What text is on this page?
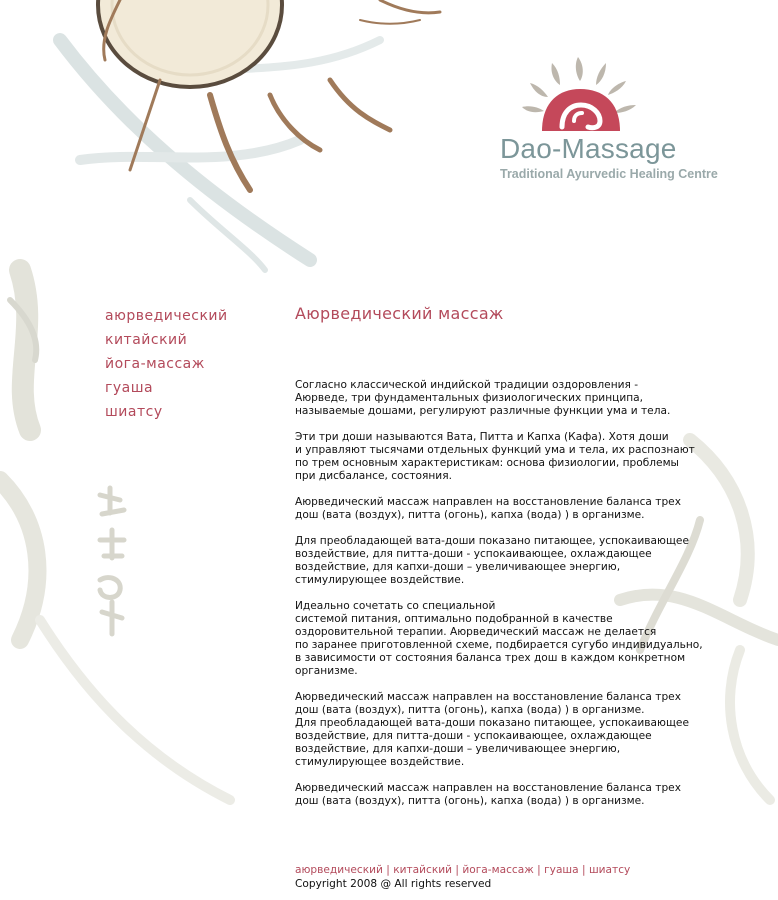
Dao-Massage
Traditional Ayurvedic Healing Centre
аюрведический
китайский
йога-массаж
гуаша
шиатсу
Аюрведический массаж

Согласно классической индийской традиции оздоровления -
Аюрведе, три фундаментальных физиологических принципа,
называемые дошами, регулируют различные функции ума и тела.

Эти три доши называются Вата, Питта и Капха (Кафа). Хотя доши
и управляют тысячами отдельных функций ума и тела, их распознают
по трем основным характеристикам: основа физиологии, проблемы
при дисбалансе, состояния.

Аюрведический массаж направлен на восстановление баланса трех
дош (вата (воздух), питта (огонь), капха (вода) ) в организме.

Для преобладающей вата-доши показано питающее, успокаивающее
воздействие, для питта-доши - успокаивающее, охлаждающее
воздействие, для капхи-доши – увеличивающее энергию,
стимулирующее воздействие.

Идеально сочетать со специальной
системой питания, оптимально подобранной в качестве
оздоровительной терапии. Аюрведический массаж не делается
по заранее приготовленной схеме, подбирается сугубо индивидуально,
в зависимости от состояния баланса трех дош в каждом конкретном
организме.

Аюрведический массаж направлен на восстановление баланса трех
дош (вата (воздух), питта (огонь), капха (вода) ) в организме.
Для преобладающей вата-доши показано питающее, успокаивающее
воздействие, для питта-доши - успокаивающее, охлаждающее
воздействие, для капхи-доши – увеличивающее энергию,
стимулирующее воздействие.

Аюрведический массаж направлен на восстановление баланса трех
дош (вата (воздух), питта (огонь), капха (вода) ) в организме.

аюрведический | китайский | йога-массаж | гуаша | шиатсу
Copyright 2008 @ All rights reserved
